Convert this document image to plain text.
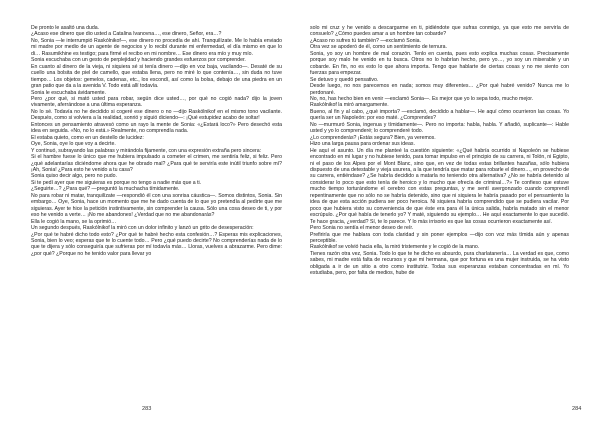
De pronto le asaltó una duda.

¿Acaso ese dinero que dio usted a Catalina Ivanovna…, ese dinero, Señor, era…?

No, Sonia —le interrumpió Raskólnikof—, ese dinero no procedía de ahí. Tranquilízate. Me lo había enviado mi madre por medio de un agente de negocios y lo recibí durante mi enfermedad, el día mismo en que lo di… Rasumikhine es testigo; para firmé el recibo en mi nombre… Ese dinero era mío y muy mío.

Sonia escuchaba con un gesto de perplejidad y haciendo grandes esfuerzos por comprender.

En cuanto al dinero de la vieja, ni siquiera sé si tenía dinero —dijo en voz baja, vacilando—. Desaté de su cuello una bolsita de piel de camello, que estaba llena, pero no miré lo que contenía…, sin duda no tuve tiempo… Los objetos: gemelos, cadenas, etc., los escondí, así como la bolsa, debajo de una piedra en un gran patio que da a la avenida V. Todo está allí todavía.

Sonia le escuchaba ávidamente.

Pero ¿por qué, si mató usted para robar, según dice usted…, por qué no cogió nada? dijo la joven vivamente, aferrándose a una última esperanza.

No lo sé. Todavía no he decidido si cogeré ese dinero o no —dijo Raskólnikof en el mismo tono vacilante. Después, como si volviera a la realidad, sonrió y siguió diciendo—: ¡Qué estupidez acabo de soltar!

Entonces un pensamiento atravesó como un rayo la mente de Sonia: «¿Estará loco?» Pero desechó esta idea en seguida. «No, no lo está.» Realmente, no comprendía nada.

El estaba quieto, como en un destello de lucidez:

Oye, Sonia, oye lo que voy a decirte.

Y continuó, subrayando las palabras y mirándola fijamente, con una expresión extraña pero sincera:

Si el hambre fuese lo único que me hubiera impulsado a cometer el crimen, me sentiría feliz, si feliz. Pero ¿qué adelantarías diciéndome ahora que he obrado mal? ¿Para qué te serviría este inútil triunfo sobre mí? ¡Ah, Sonia! ¿Para esto he venido a tu casa?

Sonia quiso decir algo, pero no pudo.

Si te pedí ayer que me siguieras es porque no tengo a nadie más que a ti.

¿Seguirte…? ¿Para qué? —preguntó la muchacha tímidamente.

No para robar ni matar, tranquilízate —respondió él con una sonrisa cáustica—. Somos distintos, Sonia. Sin embargo… Oye, Sonia, hace un momento que me he dado cuenta de lo que yo pretendía al pedirte que me siguieras. Ayer te hice la petición instintivamente, sin comprender la causa. Sólo una cosa deseo de ti, y por eso he venido a verte… ¡No me abandones! ¿Verdad que no me abandonarás?

Ella le cogió la mano, se la oprimió…

Un segundo después, Raskólnikof la miró con un dolor infinito y lanzó un grito de desesperación:

¿Por qué te habré dicho todo esto? ¿Por qué te habré hecho esta confesión…? Esperas mis explicaciones, Sonia, bien lo veo; esperas que te lo cuente todo… Pero ¿qué puedo decirte? No comprenderías nada de lo que te dijera y sólo conseguiría que sufrieras por mí todavía más… Lloras, vuelves a abrazarme. Pero dime: ¿por qué? ¿Porque no he tenido valor para llevar yo

283

solo mi cruz y he venido a descargarme en ti, pidiéndote que sufras conmigo, ya que esto me serviría de consuelo? ¿Cómo puedes amar a un hombre tan cobarde?

¿Acaso no sufres tú también? —exclamó Sonia.

Otra vez se apoderó de él, como un sentimiento de ternura.

Sonia, yo soy un hombre de mal corazón. Tenlo en cuenta, pues esto explica muchas cosas. Precisamente porque soy malo he venido en tu busca. Otros no lo habrían hecho, pero yo…, yo soy un miserable y un cobarde. En fin, no es esto lo que ahora importa. Tengo que hablarte de ciertas cosas y no me siento con fuerzas para empezar.

Se detuvo y quedó pensativo.

Desde luego, no nos parecemos en nada; somos muy diferentes… ¿Por qué habré venido? Nunca me lo perdonaré.

No, no, has hecho bien en venir —exclamó Sonia—. Es mejor que yo lo sepa todo, mucho mejor.

Raskólnikof la miró amargamente.

Bueno, al fin y al cabo, ¿qué importa? —exclamó, decidido a hablar—. He aquí cómo ocurrieron las cosas. Yo quería ser un Napoleón: por eso maté. ¿Comprendes?

No —murmuró Sonia, ingenua y tímidamente—. Pero no importa: habla, habla. Y añadió, suplicante—: Hable usted y yo lo comprenderé; lo comprenderé todo.

¿Lo comprenderás? ¡Estás segura? Bien, ya veremos.

Hizo una larga pausa para ordenar sus ideas.

He aquí el asunto. Un día me planteé la cuestión siguiente: «¿Qué habría ocurrido si Napoleón se hubiese encontrado en mi lugar y no hubiese tenido, para tomar impulso en el principio de su carrera, ni Tolón, ni Egipto, ni el paso de los Alpes por el Mont Blanc, sino que, en vez de todas estas brillantes hazañas, sólo hubiera dispuesto de una detestable y vieja usurera, a la que tendría que matar para robarle el dinero…, en provecho de su carrera, entiéndase? ¿Se habría decidido a matarla no teniendo otra alternativa? ¿No se habría detenido al considerar lo poco que esto tenía de heroico y lo mucho que ofrecía de criminal…?» Te confieso que estuve mucho tiempo torturándome el cerebro con estas preguntas, y me sentí avergonzado cuando comprendí repentinamente que no sólo no se habría detenido, sino que ni siquiera le habría pasado por el pensamiento la idea de que esta acción pudiera ser poco heroica. Ni siquiera habría comprendido que se pudiera vacilar. Por poco que hubiera visto su conveniencia de que éste era para él la única salida, habría matado sin el menor escrúpulo. ¿Por qué había de tenerlo yo? Y maté, siguiendo su ejemplo… He aquí exactamente lo que sucedió. Te hace gracia, ¿verdad? Sí, te lo parece. Y lo más irrisorio es que las cosas ocurrieron exactamente así.

Pero Sonia no sentía el menor deseo de reír.

Prefiriría que me hablara con toda claridad y sin poner ejemplos —dijo con voz más tímida aún y apenas perceptible.

Raskólnikof se volvió hacia ella, la miró tristemente y le cogió de la mano.

Tienes razón otra vez, Sonia. Todo lo que te he dicho es absurdo, pura charlatanería… La verdad es que, como sabes, mi madre está falta de recursos y que mi hermana, que por fortuna es una mujer instruida, se ha visto obligada a ir de un sitio a otro como institutriz. Todas sus esperanzas estaban concentradas en mí. Yo estudiaba, pero, por falta de medios, hube de

284
